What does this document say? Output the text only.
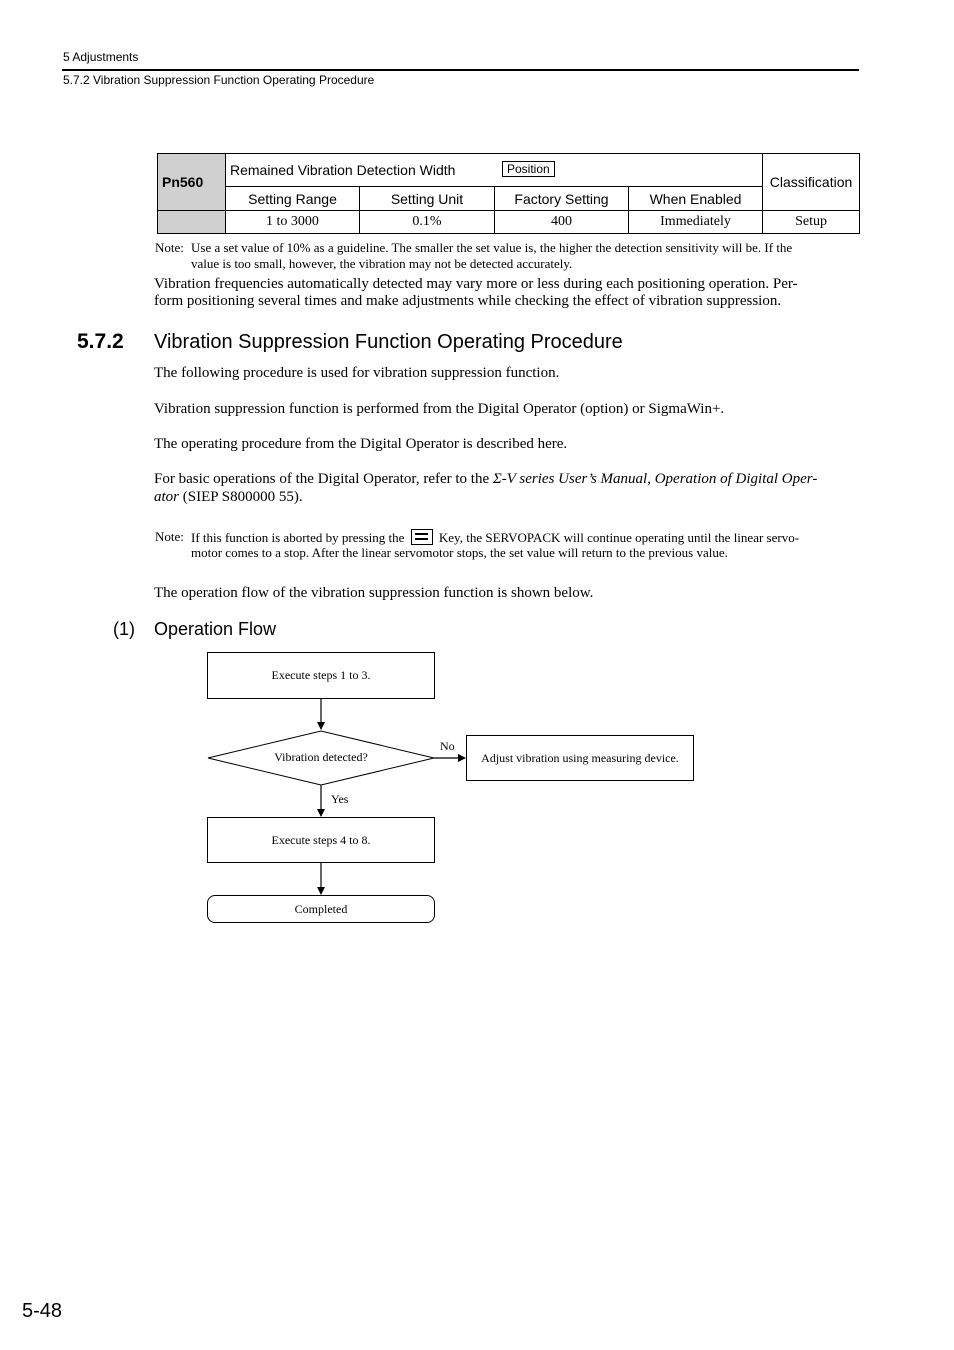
5 Adjustments
5.7.2 Vibration Suppression Function Operating Procedure
Pn560	Remained Vibration Detection Width Position				Classification
	Setting Range	Setting Unit	Factory Setting	When Enabled	
	1 to 3000	0.1%	400	Immediately	Setup
Note: Use a set value of 10% as a guideline. The smaller the set value is, the higher the detection sensitivity will be. If the
value is too small, however, the vibration may not be detected accurately.
Vibration frequencies automatically detected may vary more or less during each positioning operation. Per-
form positioning several times and make adjustments while checking the effect of vibration suppression.
5.7.2 Vibration Suppression Function Operating Procedure
The following procedure is used for vibration suppression function.
Vibration suppression function is performed from the Digital Operator (option) or SigmaWin+.
The operating procedure from the Digital Operator is described here.
For basic operations of the Digital Operator, refer to the Σ-V series User’s Manual, Operation of Digital Oper-
ator (SIEP S800000 55).
Note: If this function is aborted by pressing the	Key, the SERVOPACK will continue operating until the linear servo-
motor comes to a stop. After the linear servomotor stops, the set value will return to the previous value.
The operation flow of the vibration suppression function is shown below.
(1) Operation Flow
Execute steps 1 to 3.
Vibration detected?
No
Adjust vibration using measuring device.
Yes
Execute steps 4 to 8.
Completed
5-48
